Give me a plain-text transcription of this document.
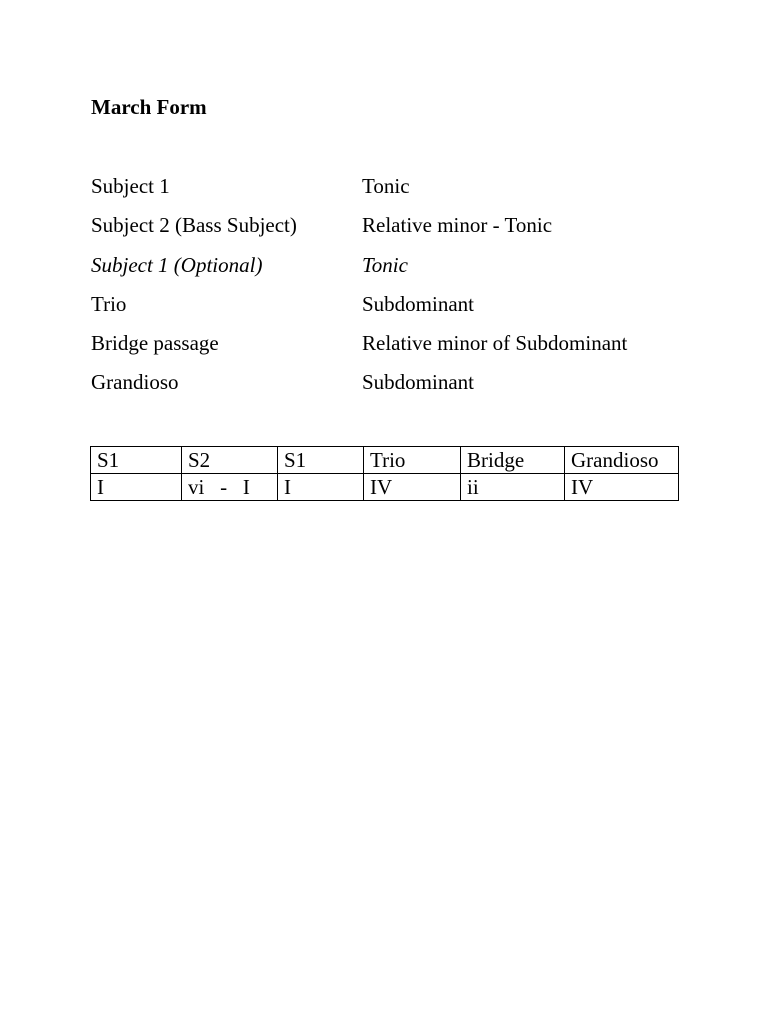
March Form
Subject 1	Tonic
Subject 2 (Bass Subject)	Relative minor - Tonic
Subject 1 (Optional)	Tonic
Trio	Subdominant
Bridge passage	Relative minor of Subdominant
Grandioso	Subdominant
S1	S2	S1	Trio	Bridge	Grandioso
I	vi   -   I	I	IV	ii	IV
